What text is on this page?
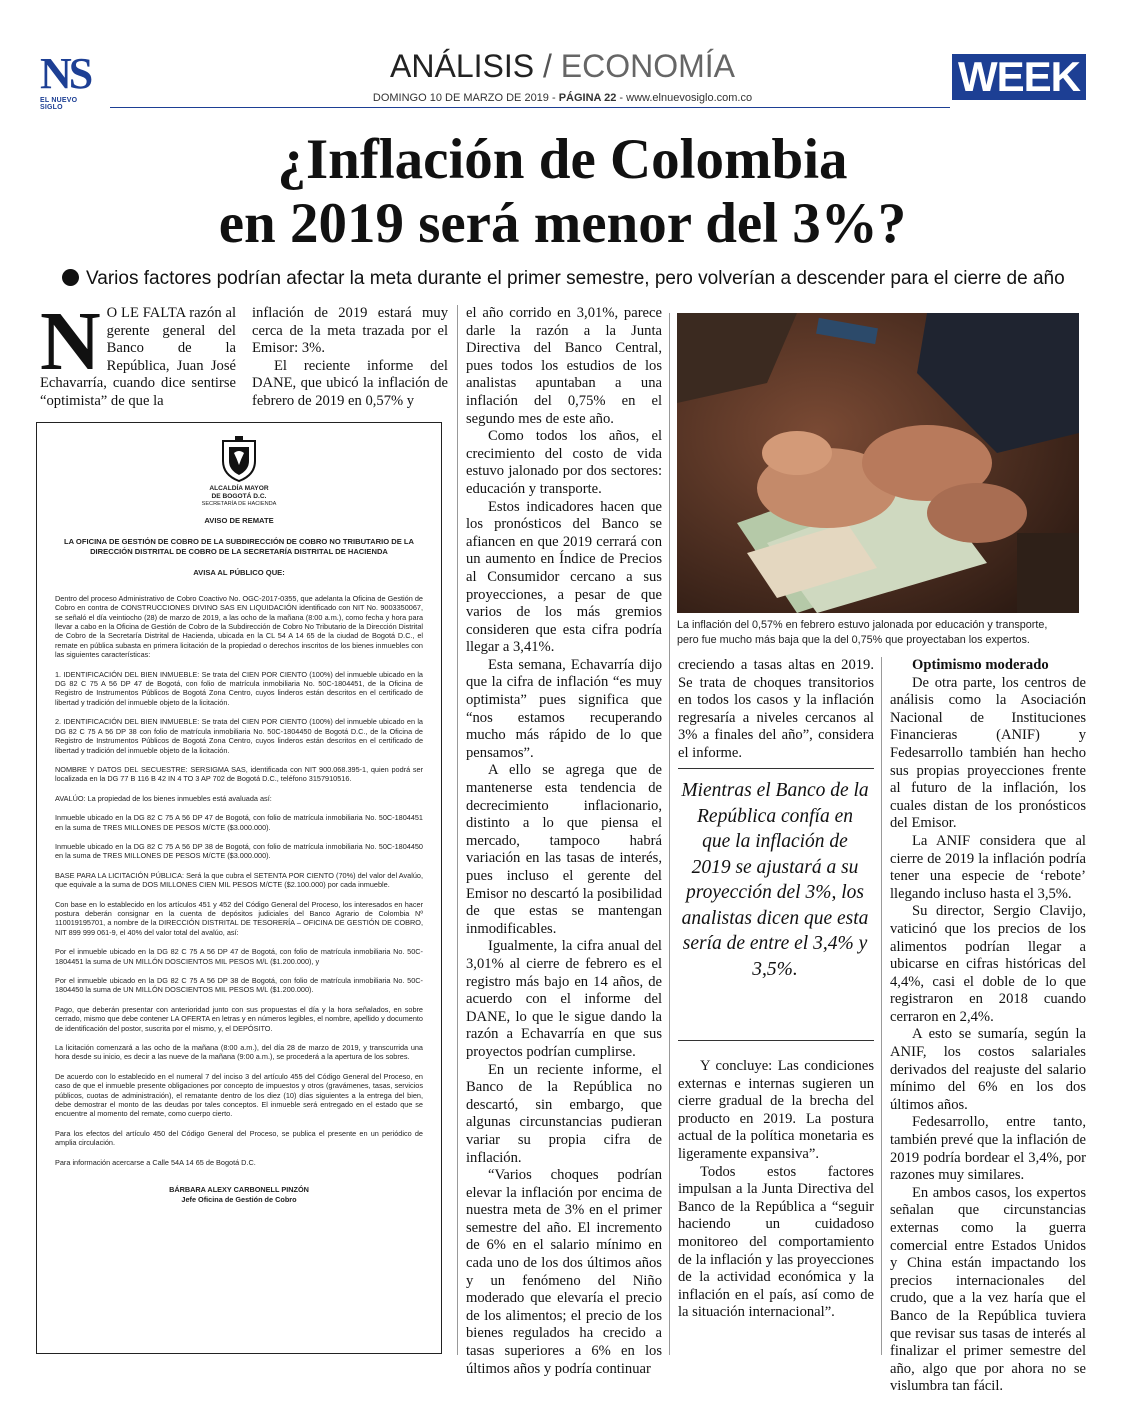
NS
EL NUEVO SIGLO
ANÁLISIS / ECONOMÍA
DOMINGO 10 DE MARZO DE 2019 - PÁGINA 22 - www.elnuevosiglo.com.co	WEEK
¿Inflación de Colombia
en 2019 será menor del 3%?
Varios factores podrían afectar la meta durante el primer semestre, pero volverían a descender para el cierre de año
N O LE FALTA razón al gerente general del Banco de la República, Juan José Echavarría, cuando dice sentirse “optimista” de que la

inflación de 2019 estará muy cerca de la meta trazada por el Emisor: 3%.

El reciente informe del DANE, que ubicó la inflación de febrero de 2019 en 0,57% y

ALCALDÍA MAYOR
DE BOGOTÁ D.C.
SECRETARÍA DE HACIENDA
AVISO DE REMATE
LA OFICINA DE GESTIÓN DE COBRO DE LA SUBDIRECCIÓN DE COBRO NO TRIBUTARIO DE LA
DIRECCIÓN DISTRITAL DE COBRO DE LA SECRETARÍA DISTRITAL DE HACIENDA
AVISA AL PÚBLICO QUE:

Dentro del proceso Administrativo de Cobro Coactivo No. OGC-2017-0355, que adelanta la Oficina de Gestión de Cobro en contra de CONSTRUCCIONES DIVINO SAS EN LIQUIDACIÓN identificado con NIT No. 9003350067, se señaló el día veintiocho (28) de marzo de 2019, a las ocho de la mañana (8:00 a.m.), como fecha y hora para llevar a cabo en la Oficina de Gestión de Cobro de la Subdirección de Cobro No Tributario de la Dirección Distrital de Cobro de la Secretaría Distrital de Hacienda, ubicada en la CL 54 A 14 65 de la ciudad de Bogotá D.C., el remate en pública subasta en primera licitación de la propiedad o derechos inscritos de los bienes inmuebles con las siguientes características:

1. IDENTIFICACIÓN DEL BIEN INMUEBLE: Se trata del CIEN POR CIENTO (100%) del inmueble ubicado en la DG 82 C 75 A 56 DP 47 de Bogotá, con folio de matrícula inmobiliaria No. 50C-1804451, de la Oficina de Registro de Instrumentos Públicos de Bogotá Zona Centro, cuyos linderos están descritos en el certificado de libertad y tradición del inmueble objeto de la licitación.

2. IDENTIFICACIÓN DEL BIEN INMUEBLE: Se trata del CIEN POR CIENTO (100%) del inmueble ubicado en la DG 82 C 75 A 56 DP 38 con folio de matrícula inmobiliaria No. 50C-1804450 de Bogotá D.C., de la Oficina de Registro de Instrumentos Públicos de Bogotá Zona Centro, cuyos linderos están descritos en el certificado de libertad y tradición del inmueble objeto de la licitación.

NOMBRE Y DATOS DEL SECUESTRE: SERSIGMA SAS, identificada con NIT 900.068.395-1, quien podrá ser localizada en la DG 77 B 116 B 42 IN 4 TO 3 AP 702 de Bogotá D.C., teléfono 3157910516.

AVALÚO: La propiedad de los bienes inmuebles está avaluada así:

Inmueble ubicado en la DG 82 C 75 A 56 DP 47 de Bogotá, con folio de matrícula inmobiliaria No. 50C-1804451 en la suma de TRES MILLONES DE PESOS M/CTE ($3.000.000).

Inmueble ubicado en la DG 82 C 75 A 56 DP 38 de Bogotá, con folio de matrícula inmobiliaria No. 50C-1804450 en la suma de TRES MILLONES DE PESOS M/CTE ($3.000.000).

BASE PARA LA LICITACIÓN PÚBLICA: Será la que cubra el SETENTA POR CIENTO (70%) del valor del Avalúo, que equivale a la suma de DOS MILLONES CIEN MIL PESOS M/CTE ($2.100.000) por cada inmueble.

Con base en lo establecido en los artículos 451 y 452 del Código General del Proceso, los interesados en hacer postura deberán consignar en la cuenta de depósitos judiciales del Banco Agrario de Colombia Nº 110019195701, a nombre de la DIRECCIÓN DISTRITAL DE TESORERÍA – OFICINA DE GESTIÓN DE COBRO, NIT 899 999 061-9, el 40% del valor total del avalúo, así:

Por el inmueble ubicado en la DG 82 C 75 A 56 DP 47 de Bogotá, con folio de matrícula inmobiliaria No. 50C-1804451 la suma de UN MILLÓN DOSCIENTOS MIL PESOS M/L ($1.200.000), y

Por el inmueble ubicado en la DG 82 C 75 A 56 DP 38 de Bogotá, con folio de matrícula inmobiliaria No. 50C-1804450 la suma de UN MILLÓN DOSCIENTOS MIL PESOS M/L ($1.200.000).

Pago, que deberán presentar con anterioridad junto con sus propuestas el día y la hora señalados, en sobre cerrado, mismo que debe contener LA OFERTA en letras y en números legibles, el nombre, apellido y documento de identificación del postor, suscrita por el mismo, y, el DEPÓSITO.

La licitación comenzará a las ocho de la mañana (8:00 a.m.), del día 28 de marzo de 2019, y transcurrida una hora desde su inicio, es decir a las nueve de la mañana (9:00 a.m.), se procederá a la apertura de los sobres.

De acuerdo con lo establecido en el numeral 7 del inciso 3 del artículo 455 del Código General del Proceso, en caso de que el inmueble presente obligaciones por concepto de impuestos y otros (gravámenes, tasas, servicios públicos, cuotas de administración), el rematante dentro de los diez (10) días siguientes a la entrega del bien, debe demostrar el monto de las deudas por tales conceptos. El inmueble será entregado en el estado que se encuentre al momento del remate, como cuerpo cierto.

Para los efectos del artículo 450 del Código General del Proceso, se publica el presente en un periódico de amplia circulación.

Para información acercarse a Calle 54A 14 65 de Bogotá D.C.

BÁRBARA ALEXY CARBONELL PINZÓN
Jefe Oficina de Gestión de Cobro

el año corrido en 3,01%, parece darle la razón a la Junta Directiva del Banco Central, pues todos los estudios de los analistas apuntaban a una inflación del 0,75% en el segundo mes de este año.

Como todos los años, el crecimiento del costo de vida estuvo jalonado por dos sectores: educación y transporte.

Estos indicadores hacen que los pronósticos del Banco se afiancen en que 2019 cerrará con un aumento en Índice de Precios al Consumidor cercano a sus proyecciones, a pesar de que varios de los más gremios consideren que esta cifra podría llegar a 3,41%.

Esta semana, Echavarría dijo que la cifra de inflación “es muy optimista” pues significa que “nos estamos recuperando mucho más rápido de lo que pensamos”.

A ello se agrega que de mantenerse esta tendencia de decrecimiento inflacionario, distinto a lo que piensa el mercado, tampoco habrá variación en las tasas de interés, pues incluso el gerente del Emisor no descartó la posibilidad de que estas se mantengan inmodificables.

Igualmente, la cifra anual del 3,01% al cierre de febrero es el registro más bajo en 14 años, de acuerdo con el informe del DANE, lo que le sigue dando la razón a Echavarría en que sus proyectos podrían cumplirse.

En un reciente informe, el Banco de la República no descartó, sin embargo, que algunas circunstancias pudieran variar su propia cifra de inflación.

“Varios choques podrían elevar la inflación por encima de nuestra meta de 3% en el primer semestre del año. El incremento de 6% en el salario mínimo en cada uno de los dos últimos años y un fenómeno del Niño moderado que elevaría el precio de los alimentos; el precio de los bienes regulados ha crecido a tasas superiores a 6% en los últimos años y podría continuar

La inflación del 0,57% en febrero estuvo jalonada por educación y transporte,
pero fue mucho más baja que la del 0,75% que proyectaban los expertos.

creciendo a tasas altas en 2019. Se trata de choques transitorios en todos los casos y la inflación regresaría a niveles cercanos al 3% a finales del año”, considera el informe.

Mientras el Banco de la República confía en que la inflación de 2019 se ajustará a su proyección del 3%, los analistas dicen que esta sería de entre el 3,4% y 3,5%.

Y concluye: Las condiciones externas e internas sugieren un cierre gradual de la brecha del producto en 2019. La postura actual de la política monetaria es ligeramente expansiva”.

Todos estos factores impulsan a la Junta Directiva del Banco de la República a “seguir haciendo un cuidadoso monitoreo del comportamiento de la inflación y las proyecciones de la actividad económica y la inflación en el país, así como de la situación internacional”.

Optimismo moderado

De otra parte, los centros de análisis como la Asociación Nacional de Instituciones Financieras (ANIF) y Fedesarrollo también han hecho sus propias proyecciones frente al futuro de la inflación, los cuales distan de los pronósticos del Emisor.

La ANIF considera que al cierre de 2019 la inflación podría tener una especie de ‘rebote’ llegando incluso hasta el 3,5%.

Su director, Sergio Clavijo, vaticinó que los precios de los alimentos podrían llegar a ubicarse en cifras históricas del 4,4%, casi el doble de lo que registraron en 2018 cuando cerraron en 2,4%.

A esto se sumaría, según la ANIF, los costos salariales derivados del reajuste del salario mínimo del 6% en los dos últimos años.

Fedesarrollo, entre tanto, también prevé que la inflación de 2019 podría bordear el 3,4%, por razones muy similares.

En ambos casos, los expertos señalan que circunstancias externas como la guerra comercial entre Estados Unidos y China están impactando los precios internacionales del crudo, que a la vez haría que el Banco de la República tuviera que revisar sus tasas de interés al finalizar el primer semestre del año, algo que por ahora no se vislumbra tan fácil.
